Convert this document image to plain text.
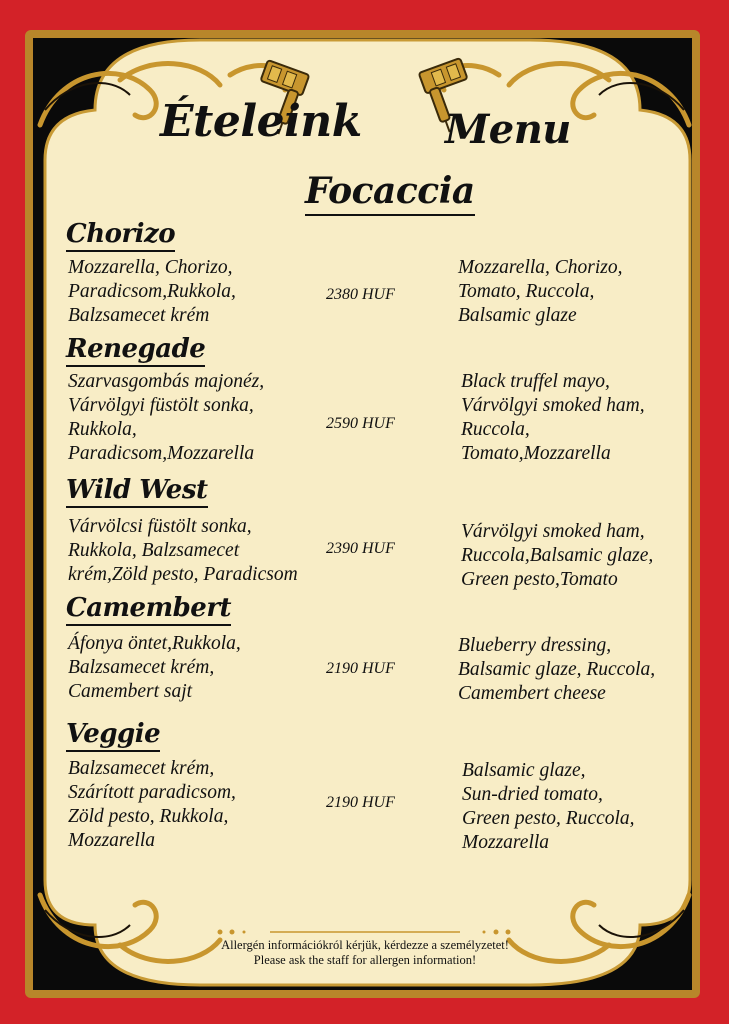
Ételeink Menu
Focaccia
Chorizo
Mozzarella, Chorizo,
Paradicsom,Rukkola,
Balzsamecet krém
2380 HUF
Mozzarella, Chorizo,
Tomato, Ruccola,
Balsamic glaze
Renegade
Szarvasgombás majonéz,
Várvölgyi füstölt sonka,
Rukkola,
Paradicsom,Mozzarella
2590 HUF
Black truffel mayo,
Várvölgyi smoked ham,
Ruccola,
Tomato,Mozzarella
Wild West
Várvölcsi füstölt sonka,
Rukkola, Balzsamecet
krém,Zöld pesto, Paradicsom
2390 HUF
Várvölgyi smoked ham,
Ruccola,Balsamic glaze,
Green pesto,Tomato
Camembert
Áfonya öntet,Rukkola,
Balzsamecet krém,
Camembert sajt
2190 HUF
Blueberry dressing,
Balsamic glaze, Ruccola,
Camembert cheese
Veggie
Balzsamecet krém,
Szárított paradicsom,
Zöld pesto, Rukkola,
Mozzarella
2190 HUF
Balsamic glaze,
Sun-dried tomato,
Green pesto, Ruccola,
Mozzarella
Allergén információkról kérjük, kérdezze a személyzetet!
Please ask the staff for allergen information!
